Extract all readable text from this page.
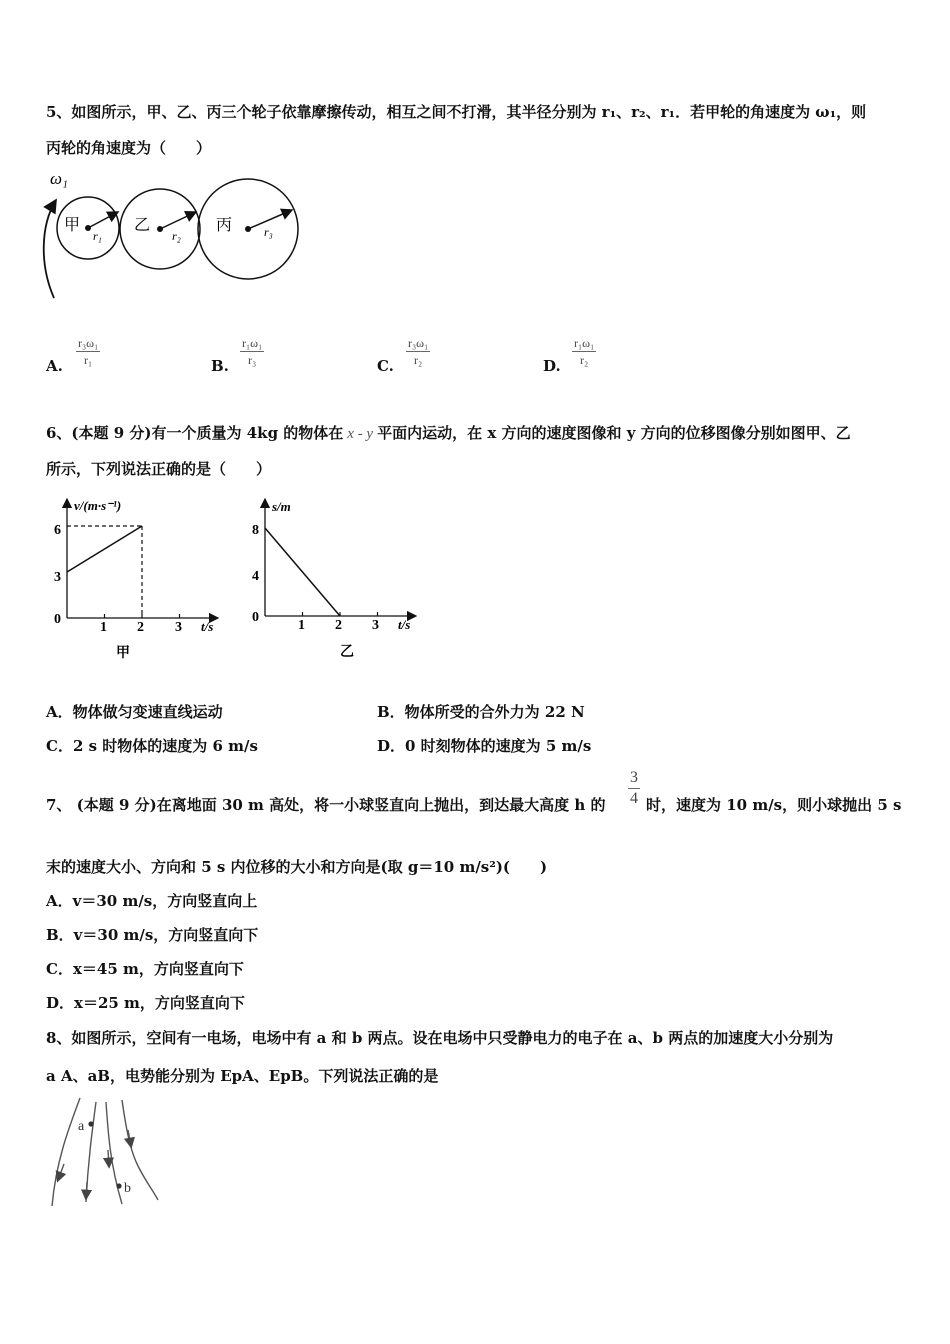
5、如图所示，甲、乙、丙三个轮子依靠摩擦传动，相互之间不打滑，其半径分别为 r₁、r₂、r₁．若甲轮的角速度为 ω₁，则
丙轮的角速度为（　　）
ω₁
甲
r₁
乙
r₂
丙	r₃
A. $\frac{\text{r₃ω₁}}{\text{r₁}}$	B. $\frac{\text{r₁ω₁}}{\text{r₃}}$	C. $\frac{\text{r₃ω₁}}{\text{r₂}}$	D. $\frac{\text{r₁ω₁}}{\text{r₂}}$
6、(本题 9 分)有一个质量为 4kg 的物体在 x - y 平面内运动，在 x 方向的速度图像和 y 方向的位移图像分别如图甲、乙
所示，下列说法正确的是（　　）
v/(m·s⁻¹)
t/s
6
3
0
1 2 3
甲
s/m
t/s
8
4
0
1 2 3
乙
A．物体做匀变速直线运动	B．物体所受的合外力为 22 N
C．2 s 时物体的速度为 6 m/s	D．0 时刻物体的速度为 5 m/s
7、 (本题 9 分)在离地面 30 m 高处，将一小球竖直向上抛出，到达最大高度 h 的 $\frac{3}{4}$ 时，速度为 10 m/s，则小球抛出 5 s
末的速度大小、方向和 5 s 内位移的大小和方向是(取 g＝10 m/s²)(　　)
A．v＝30 m/s，方向竖直向上
B．v＝30 m/s，方向竖直向下
C．x＝45 m，方向竖直向下
D．x＝25 m，方向竖直向下
8、如图所示，空间有一电场，电场中有 a 和 b 两点。设在电场中只受静电力的电子在 a、b 两点的加速度大小分别为
a A、aB，电势能分别为 EpA、EpB。下列说法正确的是
a
b
